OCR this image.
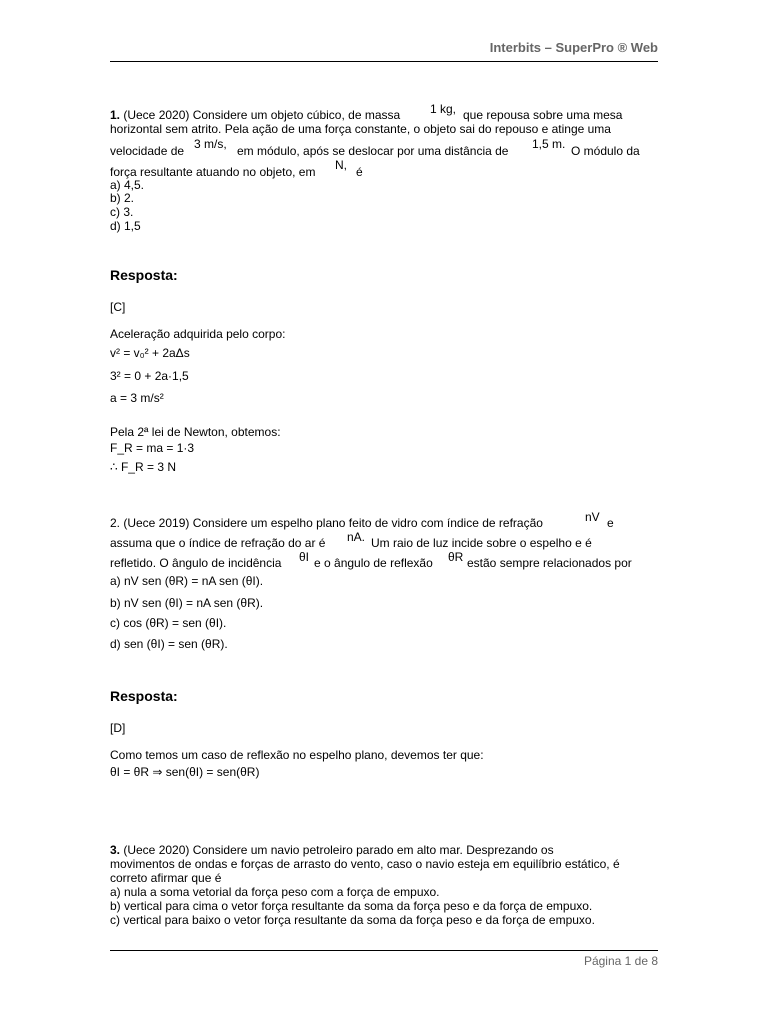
Interbits – SuperPro ® Web
1. (Uece 2020) Considere um objeto cúbico, de massa 1 kg, que repousa sobre uma mesa
horizontal sem atrito. Pela ação de uma força constante, o objeto sai do repouso e atinge uma
velocidade de 3 m/s, em módulo, após se deslocar por uma distância de 1,5 m. O módulo da
força resultante atuando no objeto, em N, é
a) 4,5.
b) 2.
c) 3.
d) 1,5
Resposta:
[C]
Aceleração adquirida pelo corpo:
v² = v₀² + 2aΔs
3² = 0 + 2a·1,5
a = 3 m/s²
Pela 2ª lei de Newton, obtemos:
F_R = ma = 1·3
∴ F_R = 3 N
2. (Uece 2019) Considere um espelho plano feito de vidro com índice de refração	nV e
assuma que o índice de refração do ar é nA. Um raio de luz incide sobre o espelho e é
refletido. O ângulo de incidência θI e o ângulo de reflexão θR estão sempre relacionados por
a) nV sen (θR) = nA sen (θI).
b) nV sen (θI) = nA sen (θR).
c) cos (θR) = sen (θI).
d) sen (θI) = sen (θR).
Resposta:
[D]
Como temos um caso de reflexão no espelho plano, devemos ter que:
θI = θR ⇒ sen(θI) = sen(θR)
3. (Uece 2020) Considere um navio petroleiro parado em alto mar. Desprezando os
movimentos de ondas e forças de arrasto do vento, caso o navio esteja em equilíbrio estático, é
correto afirmar que é
a) nula a soma vetorial da força peso com a força de empuxo.
b) vertical para cima o vetor força resultante da soma da força peso e da força de empuxo.
c) vertical para baixo o vetor força resultante da soma da força peso e da força de empuxo.
Página 1 de 8
